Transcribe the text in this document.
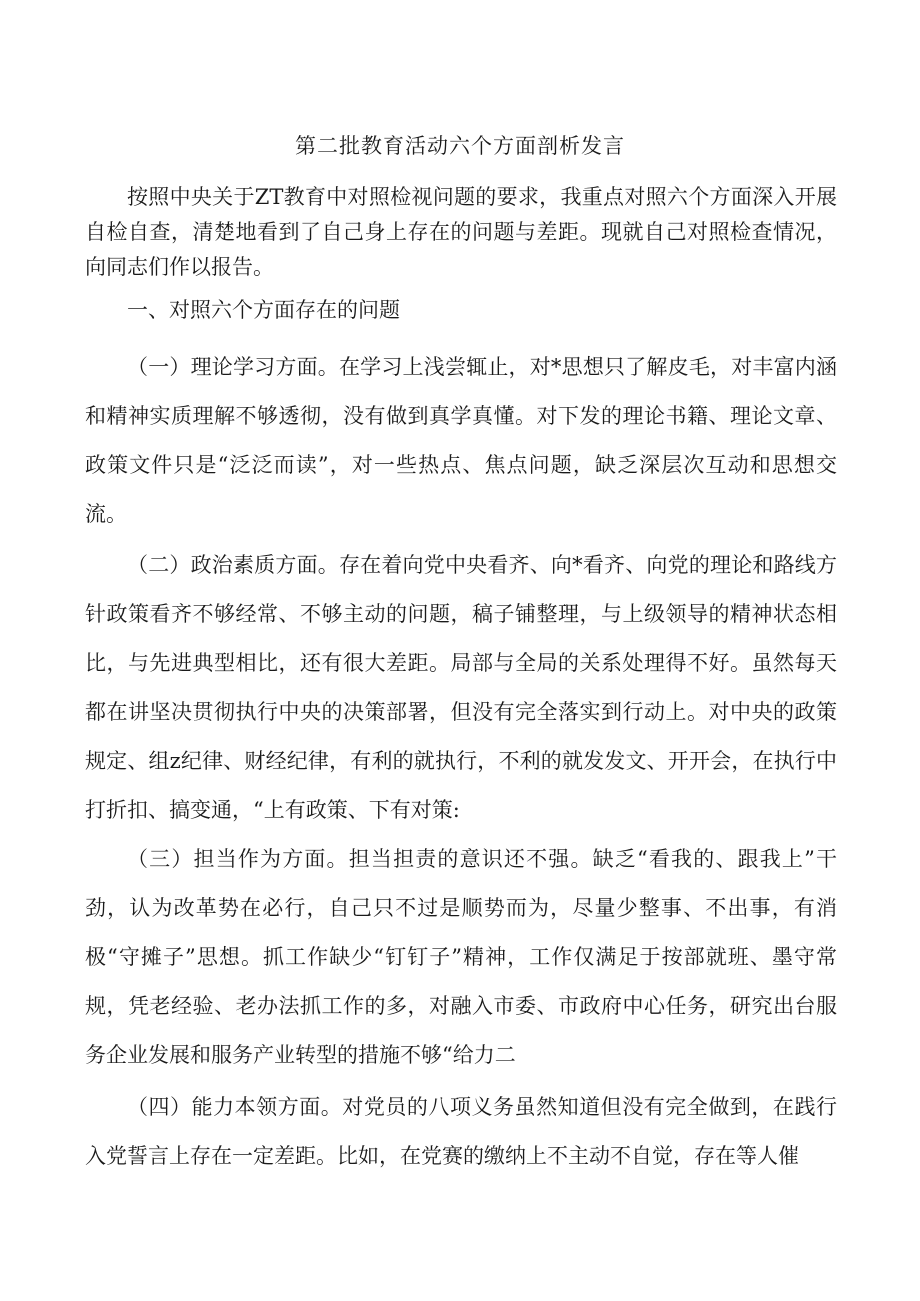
第二批教育活动六个方面剖析发言

按照中央关于ZT教育中对照检视问题的要求，我重点对照六个方面深入开展自检自查，清楚地看到了自己身上存在的问题与差距。现就自己对照检查情况，向同志们作以报告。

一、对照六个方面存在的问题

（一）理论学习方面。在学习上浅尝辄止，对*思想只了解皮毛，对丰富内涵和精神实质理解不够透彻，没有做到真学真懂。对下发的理论书籍、理论文章、政策文件只是“泛泛而读”，对一些热点、焦点问题，缺乏深层次互动和思想交流。

（二）政治素质方面。存在着向党中央看齐、向*看齐、向党的理论和路线方针政策看齐不够经常、不够主动的问题，稿子铺整理，与上级领导的精神状态相比，与先进典型相比，还有很大差距。局部与全局的关系处理得不好。虽然每天都在讲坚决贯彻执行中央的决策部署，但没有完全落实到行动上。对中央的政策规定、组z纪律、财经纪律，有利的就执行，不利的就发发文、开开会，在执行中打折扣、搞变通，“上有政策、下有对策:

（三）担当作为方面。担当担责的意识还不强。缺乏“看我的、跟我上”干劲，认为改革势在必行，自己只不过是顺势而为，尽量少整事、不出事，有消极“守摊子”思想。抓工作缺少“钉钉子”精神，工作仅满足于按部就班、墨守常规，凭老经验、老办法抓工作的多，对融入市委、市政府中心任务，研究出台服务企业发展和服务产业转型的措施不够“给力二

（四）能力本领方面。对党员的八项义务虽然知道但没有完全做到，在践行入党誓言上存在一定差距。比如，在党赛的缴纳上不主动不自觉，存在等人催
